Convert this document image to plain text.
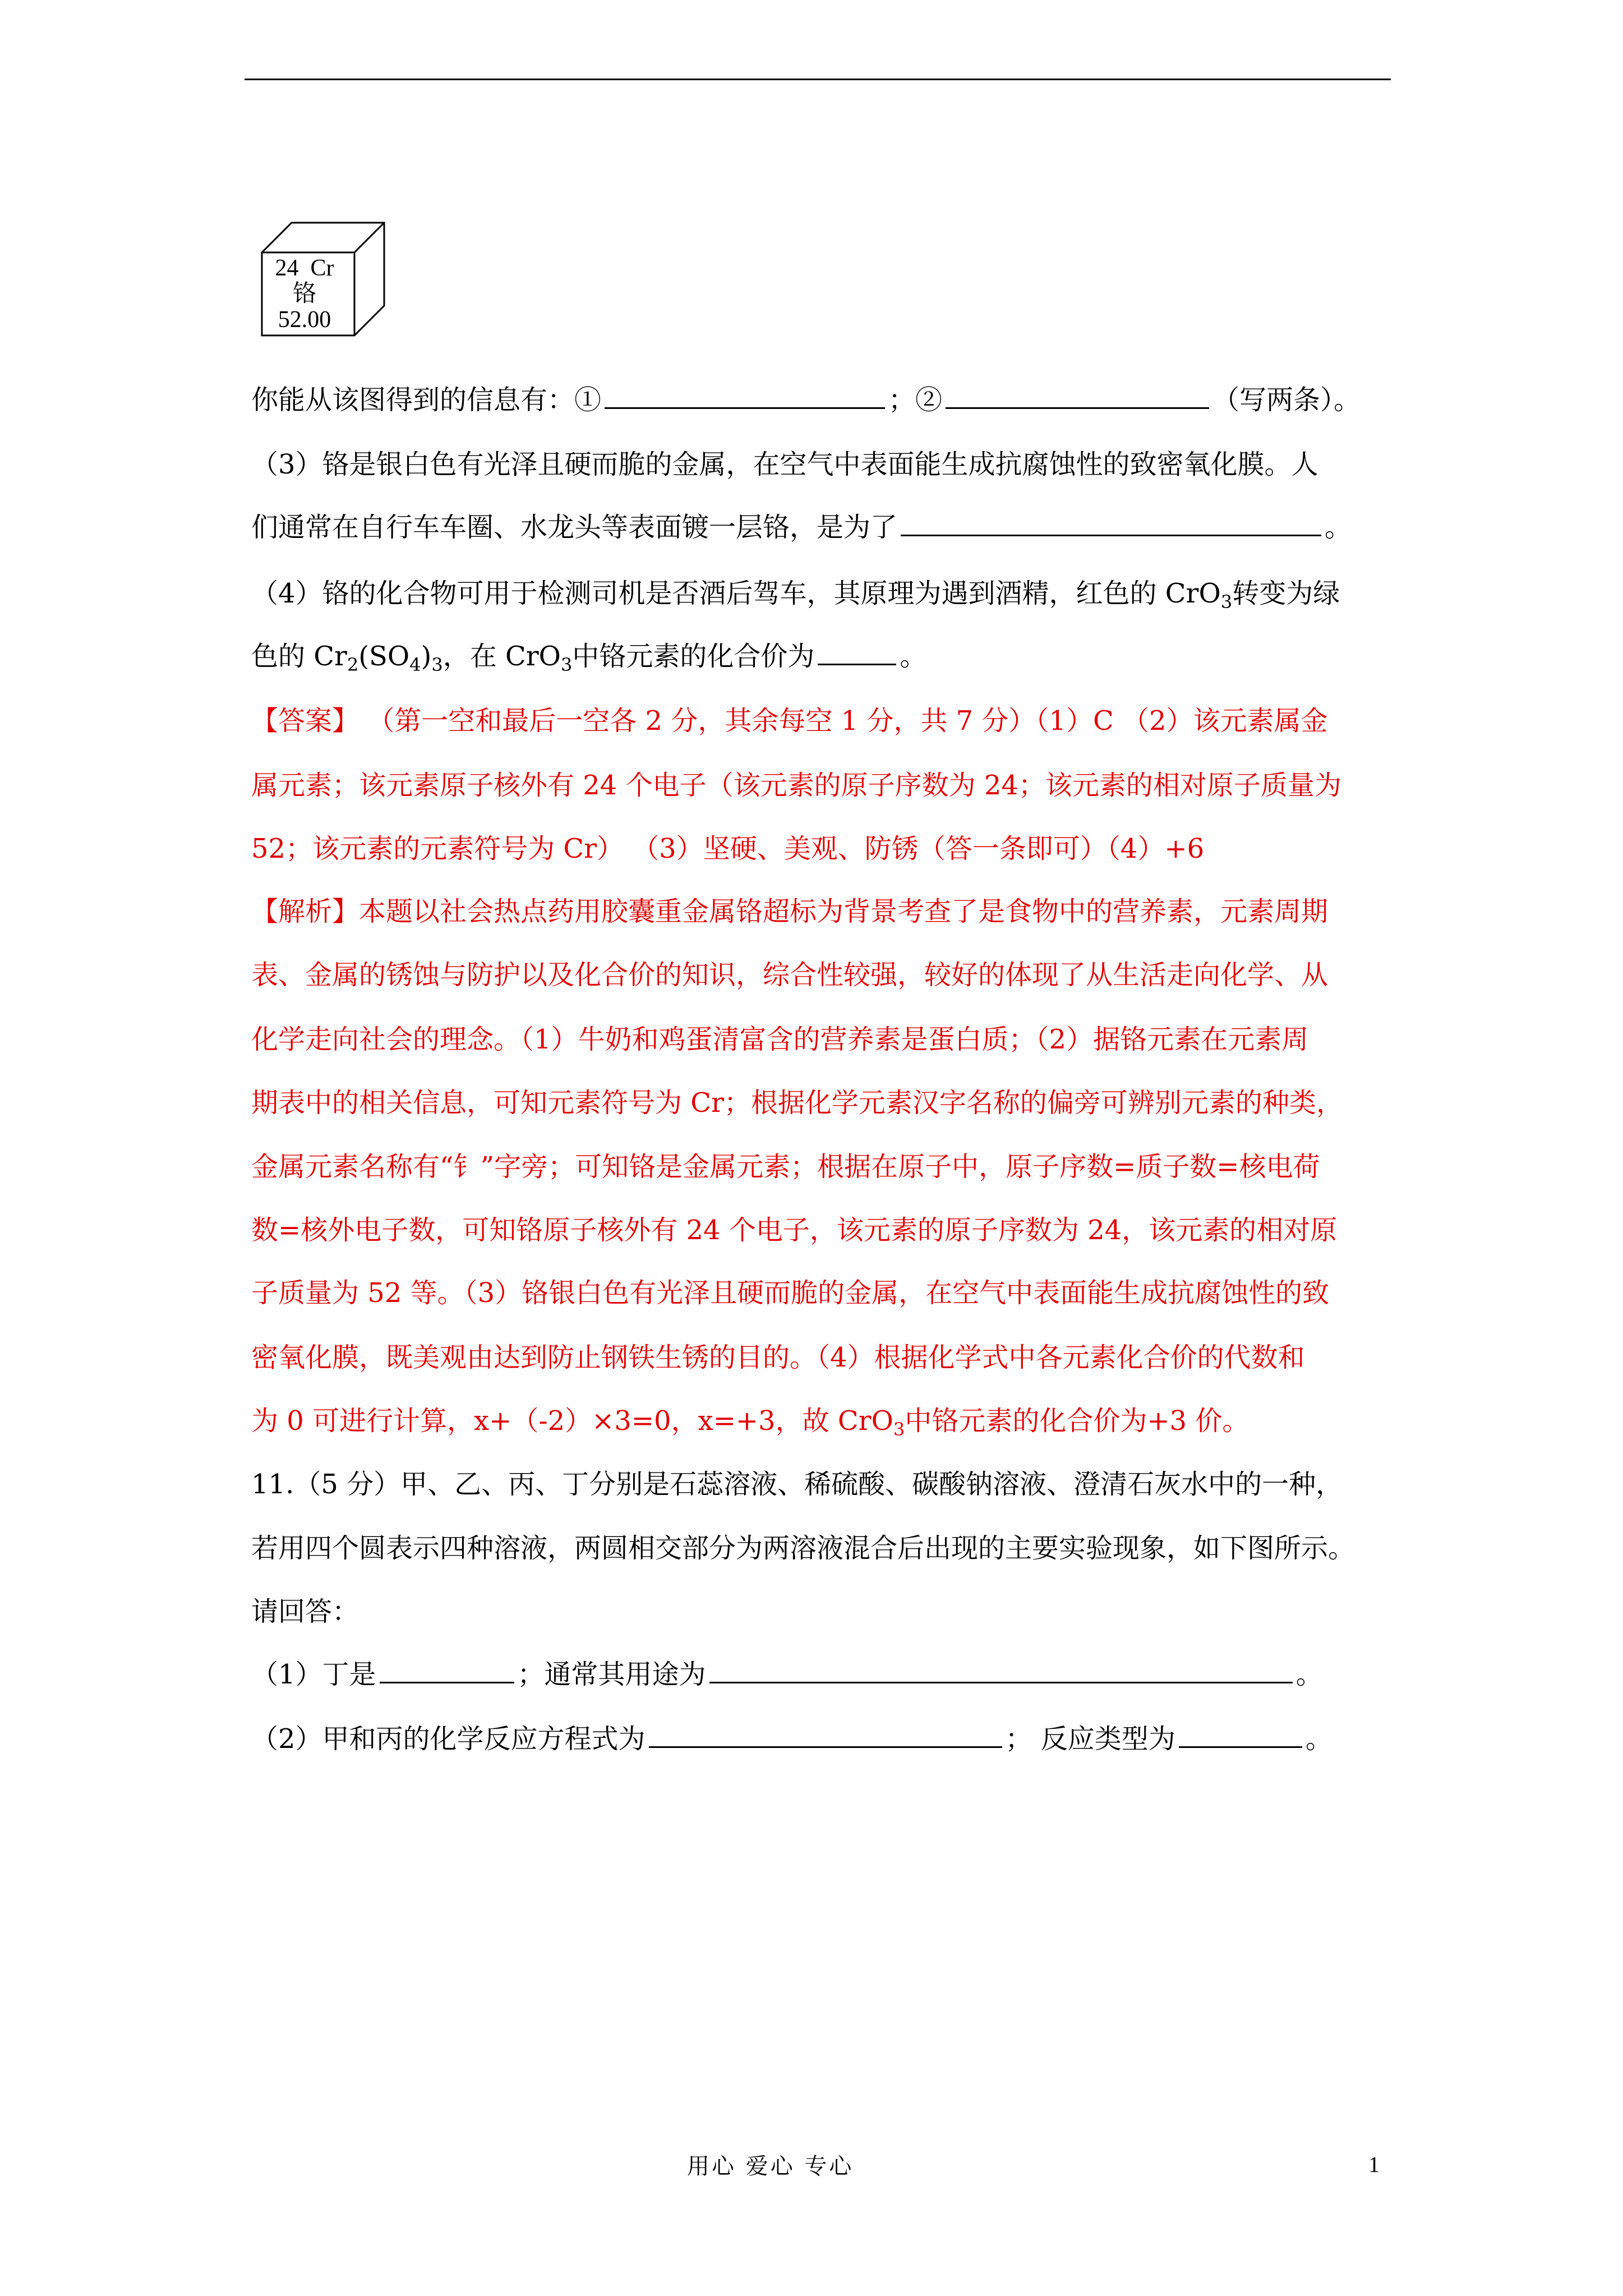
24 Cr
铬
52.00
你能从该图得到的信息有：①	；②	（写两条）。
（3）铬是银白色有光泽且硬而脆的金属，在空气中表面能生成抗腐蚀性的致密氧化膜。人
们通常在自行车车圈、水龙头等表面镀一层铬，是为了	。
（4）铬的化合物可用于检测司机是否酒后驾车，其原理为遇到酒精，红色的 CrO$_3$转变为绿
色的 $Cr_2(SO_4)_3$，在 CrO$_3$中铬元素的化合价为	。
【答案】 （第一空和最后一空各 2 分，其余每空 1 分，共 7 分）（1）C （2）该元素属金
属元素；该元素原子核外有 24 个电子（该元素的原子序数为 24；该元素的相对原子质量为
52；该元素的元素符号为 Cr） （3）坚硬、美观、防锈（答一条即可）（4）+6
【解析】本题以社会热点药用胶囊重金属铬超标为背景考查了是食物中的营养素，元素周期
表、金属的锈蚀与防护以及化合价的知识，综合性较强，较好的体现了从生活走向化学、从
化学走向社会的理念。（1）牛奶和鸡蛋清富含的营养素是蛋白质；（2）据铬元素在元素周
期表中的相关信息，可知元素符号为 Cr；根据化学元素汉字名称的偏旁可辨别元素的种类，
金属元素名称有“钅”字旁；可知铬是金属元素；根据在原子中，原子序数=质子数=核电荷
数=核外电子数，可知铬原子核外有 24 个电子，该元素的原子序数为 24，该元素的相对原
子质量为 52 等。（3）铬银白色有光泽且硬而脆的金属，在空气中表面能生成抗腐蚀性的致
密氧化膜，既美观由达到防止钢铁生锈的目的。（4）根据化学式中各元素化合价的代数和
为 0 可进行计算，x+（-2）×3=0，x=+3，故 CrO$_3$中铬元素的化合价为+3 价。
11.（5 分）甲、乙、丙、丁分别是石蕊溶液、稀硫酸、碳酸钠溶液、澄清石灰水中的一种，
若用四个圆表示四种溶液，两圆相交部分为两溶液混合后出现的主要实验现象，如下图所示。
请回答：
（1）丁是	；通常其用途为	。
（2）甲和丙的化学反应方程式为	； 反应类型为	。
用心 爱心 专心	1
